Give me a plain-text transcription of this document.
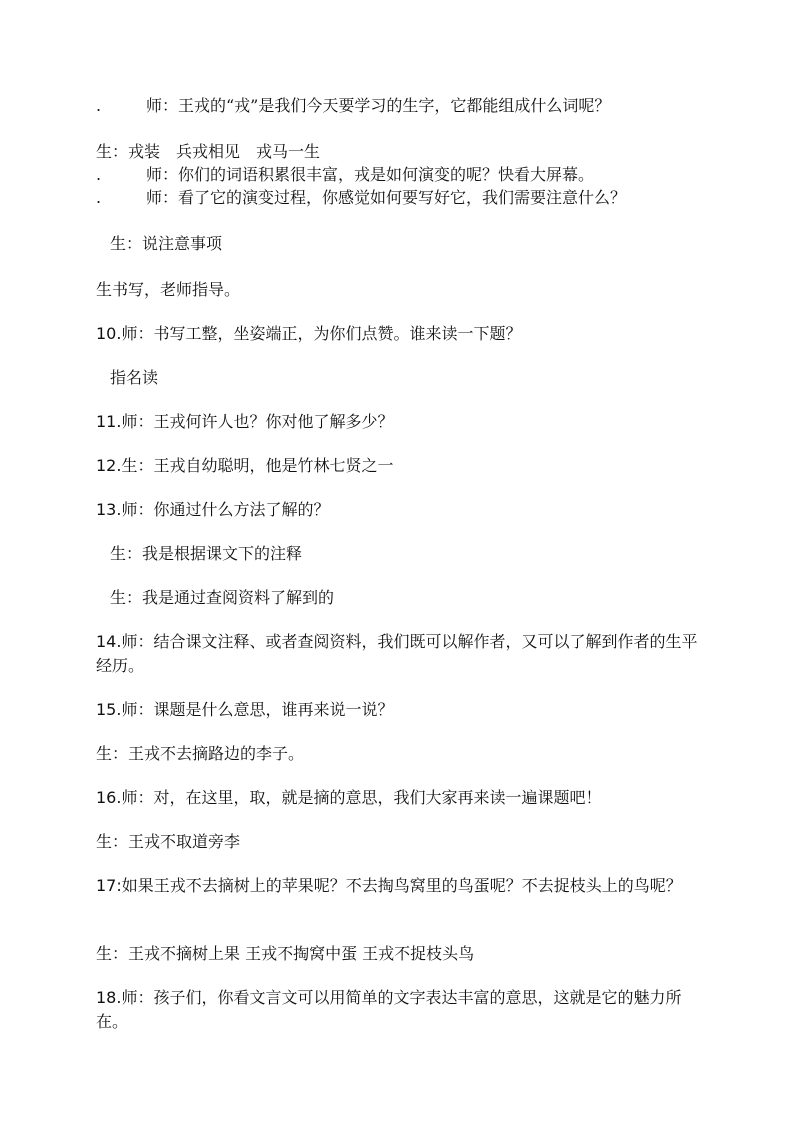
.	师：王戎的“戎”是我们今天要学习的生字，它都能组成什么词呢？
生：戎装　兵戎相见　戎马一生
.	师：你们的词语积累很丰富，戎是如何演变的呢？快看大屏幕。
.	师：看了它的演变过程，你感觉如何要写好它，我们需要注意什么？
生：说注意事项
生书写，老师指导。
10.师：书写工整，坐姿端正，为你们点赞。谁来读一下题？
指名读
11.师：王戎何许人也？你对他了解多少？
12.生：王戎自幼聪明，他是竹林七贤之一
13.师：你通过什么方法了解的？
生：我是根据课文下的注释
生：我是通过查阅资料了解到的
14.师：结合课文注释、或者查阅资料，我们既可以解作者，又可以了解到作者的生平经历。
15.师：课题是什么意思，谁再来说一说？
生：王戎不去摘路边的李子。
16.师：对，在这里，取，就是摘的意思，我们大家再来读一遍课题吧！
生：王戎不取道旁李
17:如果王戎不去摘树上的苹果呢？不去掏鸟窝里的鸟蛋呢？不去捉枝头上的鸟呢？
生：王戎不摘树上果 王戎不掏窝中蛋 王戎不捉枝头鸟
18.师：孩子们，你看文言文可以用简单的文字表达丰富的意思，这就是它的魅力所在。
